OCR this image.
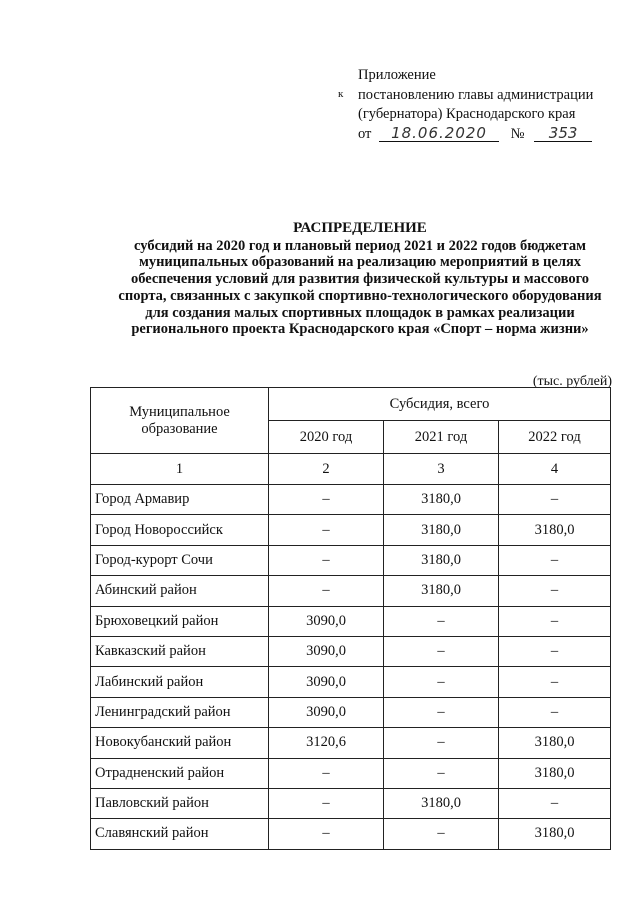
Приложение
к постановлению главы администрации
(губернатора) Краснодарского края
от 18.06.2020 № 353
РАСПРЕДЕЛЕНИЕ
субсидий на 2020 год и плановый период 2021 и 2022 годов бюджетам
муниципальных образований на реализацию мероприятий в целях
обеспечения условий для развития физической культуры и массового
спорта, связанных с закупкой спортивно-технологического оборудования
для создания малых спортивных площадок в рамках реализации
регионального проекта Краснодарского края «Спорт – норма жизни»
(тыс. рублей)
Муниципальное образование	Субсидия, всего		
	2020 год	2021 год	2022 год
1	2	3	4
Город Армавир	–	3180,0	–
Город Новороссийск	–	3180,0	3180,0
Город-курорт Сочи	–	3180,0	–
Абинский район	–	3180,0	–
Брюховецкий район	3090,0	–	–
Кавказский район	3090,0	–	–
Лабинский район	3090,0	–	–
Ленинградский район	3090,0	–	–
Новокубанский район	3120,6	–	3180,0
Отрадненский район	–	–	3180,0
Павловский район	–	3180,0	–
Славянский район	–	–	3180,0
